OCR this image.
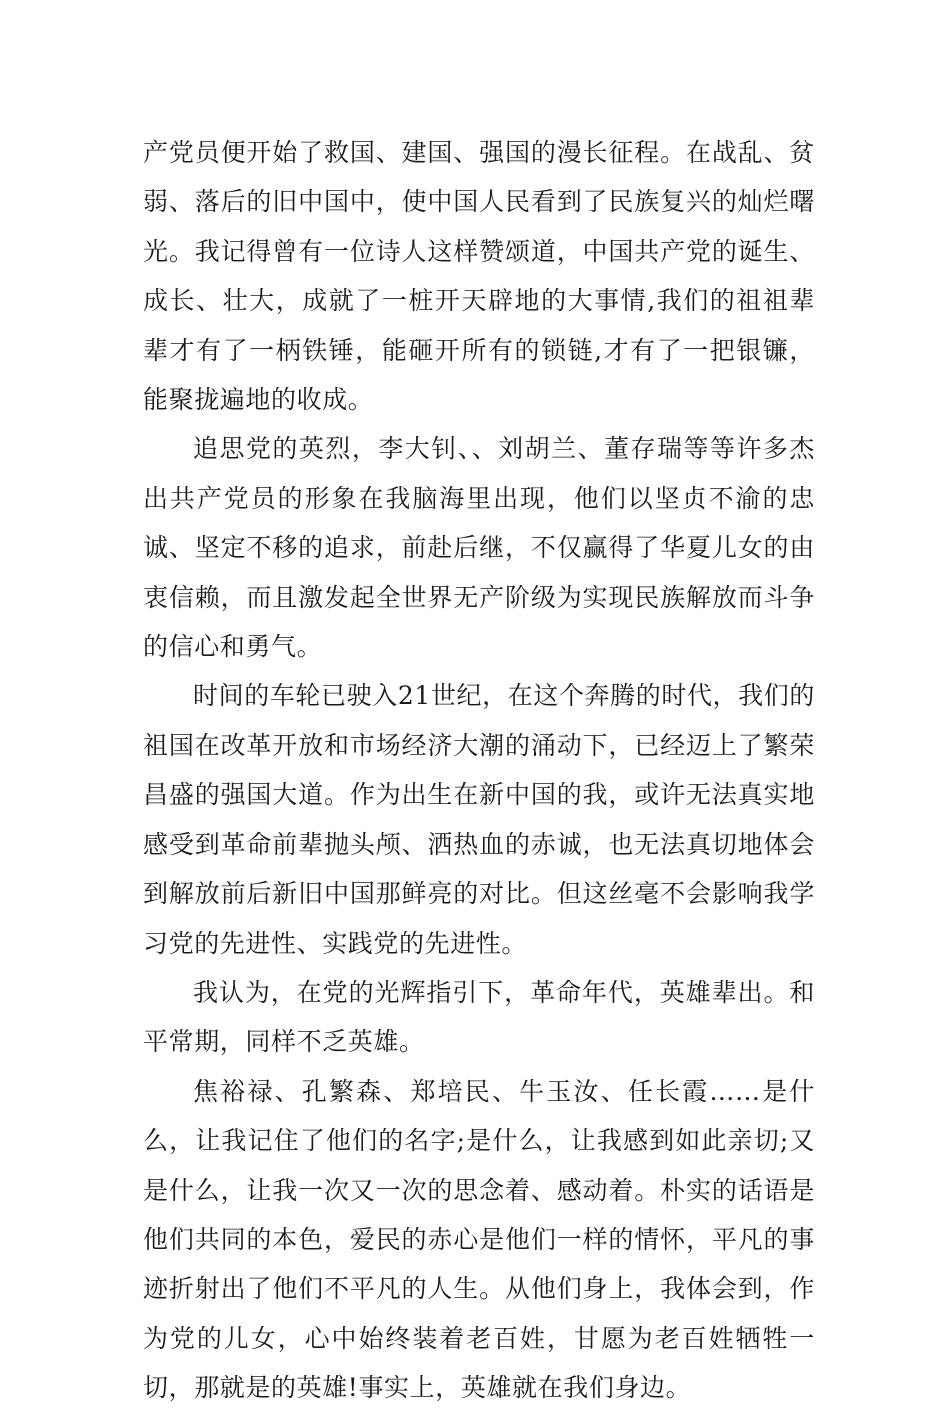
产党员便开始了救国、建国、强国的漫长征程。在战乱、贫弱、落后的旧中国中，使中国人民看到了民族复兴的灿烂曙光。我记得曾有一位诗人这样赞颂道，中国共产党的诞生、成长、壮大，成就了一桩开天辟地的大事情,我们的祖祖辈辈才有了一柄铁锤，能砸开所有的锁链,才有了一把银镰，能聚拢遍地的收成。

追思党的英烈，李大钊、、刘胡兰、董存瑞等等许多杰出共产党员的形象在我脑海里出现，他们以坚贞不渝的忠诚、坚定不移的追求，前赴后继，不仅赢得了华夏儿女的由衷信赖，而且激发起全世界无产阶级为实现民族解放而斗争的信心和勇气。

时间的车轮已驶入21世纪，在这个奔腾的时代，我们的祖国在改革开放和市场经济大潮的涌动下，已经迈上了繁荣昌盛的强国大道。作为出生在新中国的我，或许无法真实地感受到革命前辈抛头颅、洒热血的赤诚，也无法真切地体会到解放前后新旧中国那鲜亮的对比。但这丝毫不会影响我学习党的先进性、实践党的先进性。

我认为，在党的光辉指引下，革命年代，英雄辈出。和平常期，同样不乏英雄。

焦裕禄、孔繁森、郑培民、牛玉汝、任长霞……是什么，让我记住了他们的名字;是什么，让我感到如此亲切;又是什么，让我一次又一次的思念着、感动着。朴实的话语是他们共同的本色，爱民的赤心是他们一样的情怀，平凡的事迹折射出了他们不平凡的人生。从他们身上，我体会到，作为党的儿女，心中始终装着老百姓，甘愿为老百姓牺牲一切，那就是的英雄!事实上，英雄就在我们身边。
